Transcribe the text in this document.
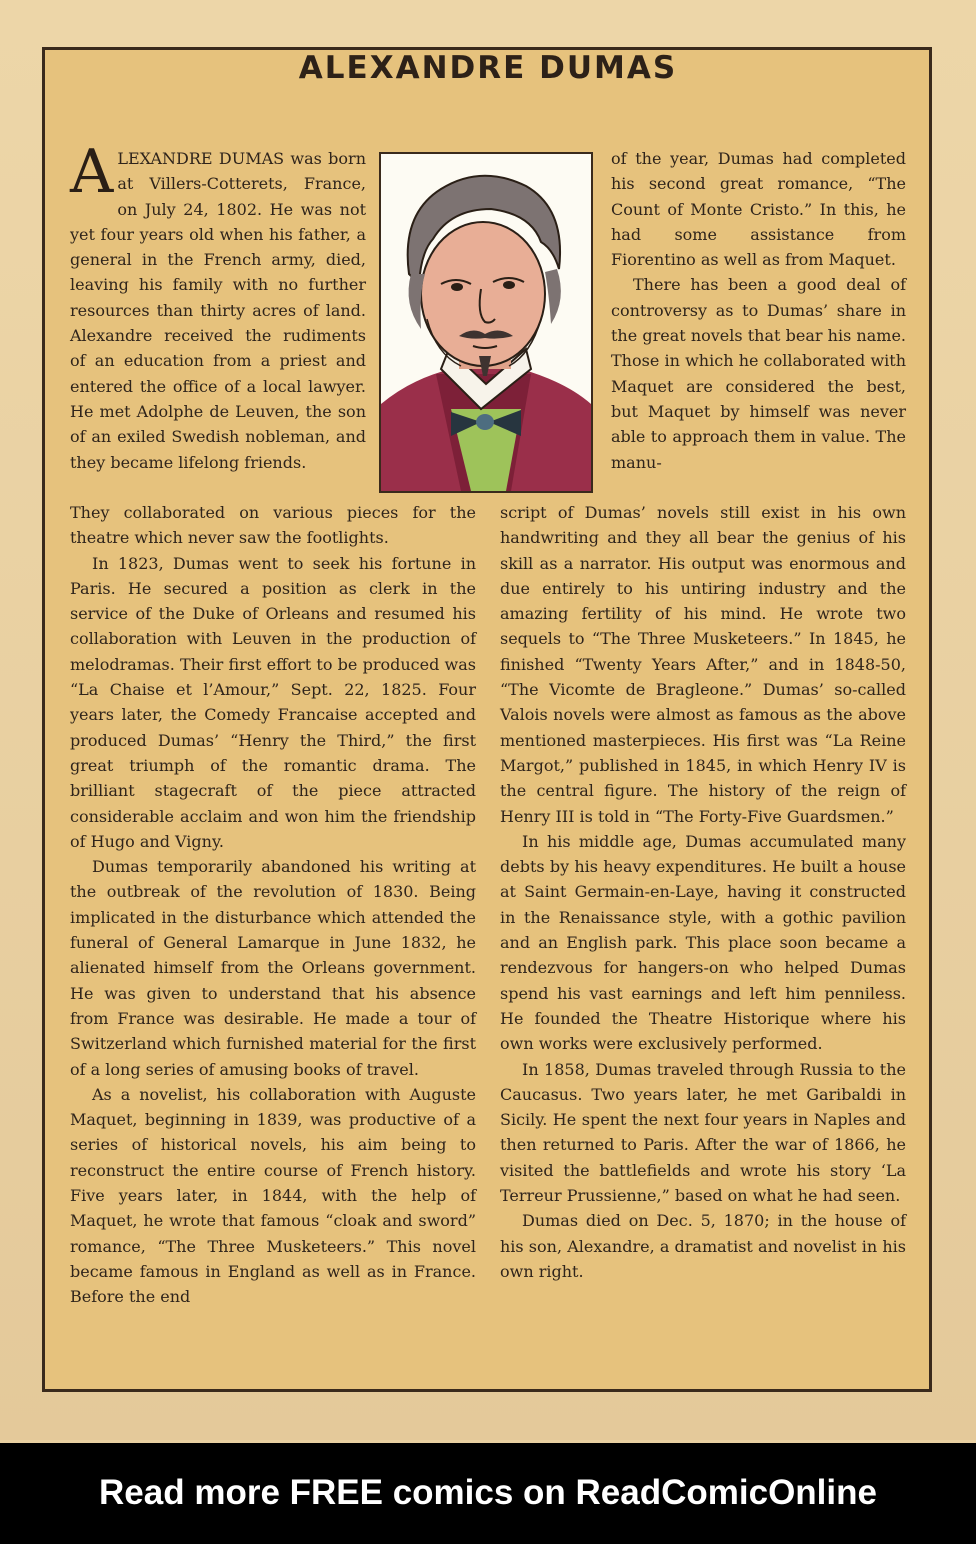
ALEXANDRE DUMAS

ALEXANDRE DUMAS was born at Villers-Cotterets, France, on July 24, 1802. He was not yet four years old when his father, a general in the French army, died, leaving his family with no further resources than thirty acres of land. Alexandre received the rudiments of an education from a priest and entered the office of a local lawyer. He met Adolphe de Leuven, the son of an exiled Swedish nobleman, and they became lifelong friends.

They collaborated on various pieces for the theatre which never saw the footlights.

In 1823, Dumas went to seek his fortune in Paris. He secured a position as clerk in the service of the Duke of Orleans and resumed his collaboration with Leuven in the production of melodramas. Their first effort to be produced was “La Chaise et l’Amour,” Sept. 22, 1825. Four years later, the Comedy Francaise accepted and produced Dumas’ “Henry the Third,” the first great triumph of the romantic drama. The brilliant stagecraft of the piece attracted considerable acclaim and won him the friendship of Hugo and Vigny.

Dumas temporarily abandoned his writing at the outbreak of the revolution of 1830. Being implicated in the disturbance which attended the funeral of General Lamarque in June 1832, he alienated himself from the Orleans government. He was given to understand that his absence from France was desirable. He made a tour of Switzerland which furnished material for the first of a long series of amusing books of travel.

As a novelist, his collaboration with Auguste Maquet, beginning in 1839, was productive of a series of historical novels, his aim being to reconstruct the entire course of French history. Five years later, in 1844, with the help of Maquet, he wrote that famous “cloak and sword” romance, “The Three Musketeers.” This novel became famous in England as well as in France. Before the end

of the year, Dumas had completed his second great romance, “The Count of Monte Cristo.” In this, he had some assistance from Fiorentino as well as from Maquet.

There has been a good deal of controversy as to Dumas’ share in the great novels that bear his name. Those in which he collaborated with Maquet are considered the best, but Maquet by himself was never able to approach them in value. The manu-

script of Dumas’ novels still exist in his own handwriting and they all bear the genius of his skill as a narrator. His output was enormous and due entirely to his untiring industry and the amazing fertility of his mind. He wrote two sequels to “The Three Musketeers.” In 1845, he finished “Twenty Years After,” and in 1848-50, “The Vicomte de Bragleone.” Dumas’ so-called Valois novels were almost as famous as the above mentioned masterpieces. His first was “La Reine Margot,” published in 1845, in which Henry IV is the central figure. The history of the reign of Henry III is told in “The Forty-Five Guardsmen.”

In his middle age, Dumas accumulated many debts by his heavy expenditures. He built a house at Saint Germain-en-Laye, having it constructed in the Renaissance style, with a gothic pavilion and an English park. This place soon became a rendezvous for hangers-on who helped Dumas spend his vast earnings and left him penniless. He founded the Theatre Historique where his own works were exclusively performed.

In 1858, Dumas traveled through Russia to the Caucasus. Two years later, he met Garibaldi in Sicily. He spent the next four years in Naples and then returned to Paris. After the war of 1866, he visited the battlefields and wrote his story ‘La Terreur Prussienne,” based on what he had seen.

Dumas died on Dec. 5, 1870; in the house of his son, Alexandre, a dramatist and novelist in his own right.

Read more FREE comics on ReadComicOnline
